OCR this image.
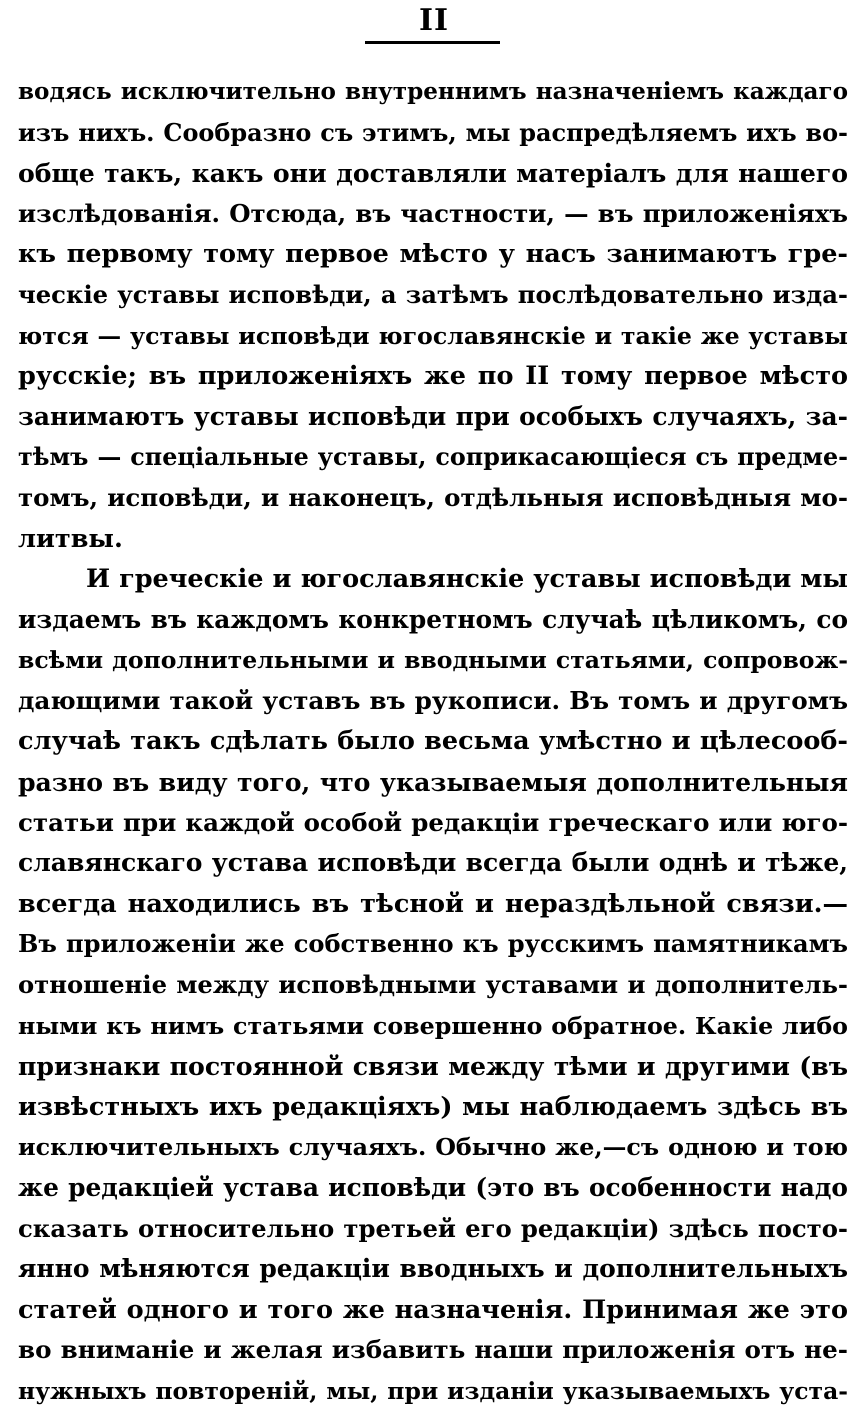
II
водясь исключительно внутреннимъ назначеніемъ каждаго
изъ нихъ. Сообразно съ этимъ, мы распредѣляемъ ихъ во-
обще такъ, какъ они доставляли матеріалъ для нашего
изслѣдованія. Отсюда, въ частности, — въ приложеніяхъ
къ первому тому первое мѣсто у насъ занимаютъ гре-
ческіе уставы исповѣди, а затѣмъ послѣдовательно изда-
ются — уставы исповѣди югославянскіе и такіе же уставы
русскіе; въ приложеніяхъ же по II тому первое мѣсто
занимаютъ уставы исповѣди при особыхъ случаяхъ, за-
тѣмъ — спеціальные уставы, соприкасающіеся съ предме-
томъ, исповѣди, и наконецъ, отдѣльныя исповѣдныя мо-
литвы.
И греческіе и югославянскіе уставы исповѣди мы
издаемъ въ каждомъ конкретномъ случаѣ цѣликомъ, со
всѣми дополнительными и вводными статьями, сопровож-
дающими такой уставъ въ рукописи. Въ томъ и другомъ
случаѣ такъ сдѣлать было весьма умѣстно и цѣлесооб-
разно въ виду того, что указываемыя дополнительныя
статьи при каждой особой редакціи греческаго или юго-
славянскаго устава исповѣди всегда были однѣ и тѣже,
всегда находились въ тѣсной и нераздѣльной связи.—
Въ приложеніи же собственно къ русскимъ памятникамъ
отношеніе между исповѣдными уставами и дополнитель-
ными къ нимъ статьями совершенно обратное. Какіе либо
признаки постоянной связи между тѣми и другими (въ
извѣстныхъ ихъ редакціяхъ) мы наблюдаемъ здѣсь въ
исключительныхъ случаяхъ. Обычно же,—съ одною и тою
же редакціей устава исповѣди (это въ особенности надо
сказать относительно третьей его редакціи) здѣсь посто-
янно мѣняются редакціи вводныхъ и дополнительныхъ
статей одного и того же назначенія. Принимая же это
во вниманіе и желая избавить наши приложенія отъ не-
нужныхъ повтореній, мы, при изданіи указываемыхъ уста-
